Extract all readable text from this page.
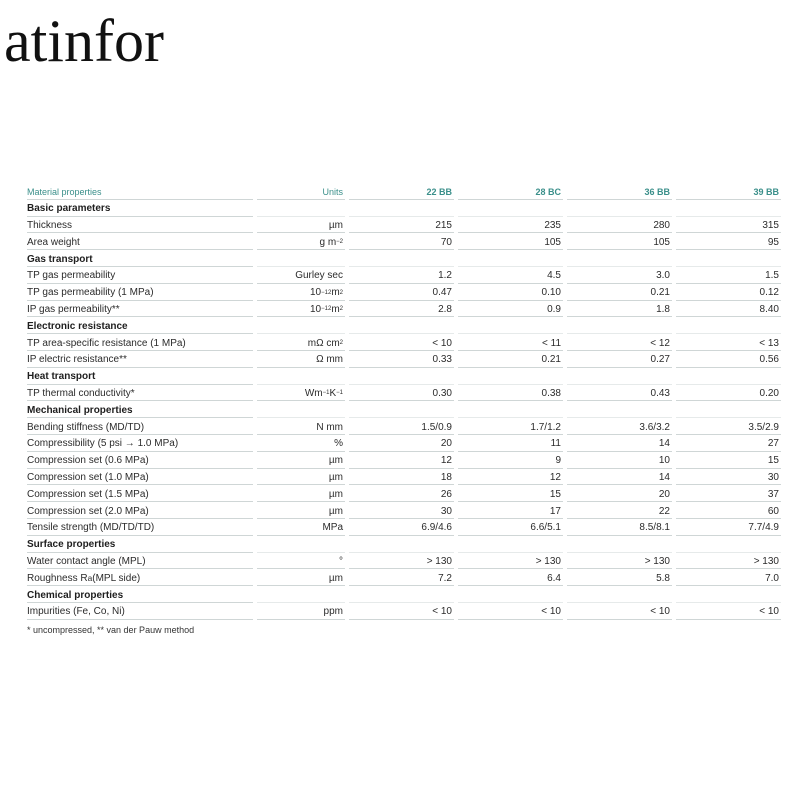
atinfor
Material properties	Units	22 BB	28 BC	36 BB	39 BB
Basic parameters
Thickness	µm	215	235	280	315
Area weight	g m −2	70	105	105	95
Gas transport
TP gas permeability	Gurley sec	1.2	4.5	3.0	1.5
TP gas permeability (1 MPa)	10 −12 m 2	0.47	0.10	0.21	0.12
IP gas permeability**	10 −12 m 2	2.8	0.9	1.8	8.40
Electronic resistance
TP area-specific resistance (1 MPa)	mΩ cm 2	< 10	< 11	< 12	< 13
IP electric resistance**	Ω mm	0.33	0.21	0.27	0.56
Heat transport
TP thermal conductivity*	Wm −1 K −1	0.30	0.38	0.43	0.20
Mechanical properties
Bending stiffness (MD/TD)	N mm	1.5/0.9	1.7/1.2	3.6/3.2	3.5/2.9
Compressibility (5 psi → 1.0 MPa)	%	20	11	14	27
Compression set (0.6 MPa)	µm	12	9	10	15
Compression set (1.0 MPa)	µm	18	12	14	30
Compression set (1.5 MPa)	µm	26	15	20	37
Compression set (2.0 MPa)	µm	30	17	22	60
Tensile strength (MD/TD/TD)	MPa	6.9/4.6	6.6/5.1	8.5/8.1	7.7/4.9
Surface properties
Water contact angle (MPL)	°	> 130	> 130	> 130	> 130
Roughness R a (MPL side)	µm	7.2	6.4	5.8	7.0
Chemical properties
Impurities (Fe, Co, Ni)	ppm	< 10	< 10	< 10	< 10
* uncompressed, ** van der Pauw method
